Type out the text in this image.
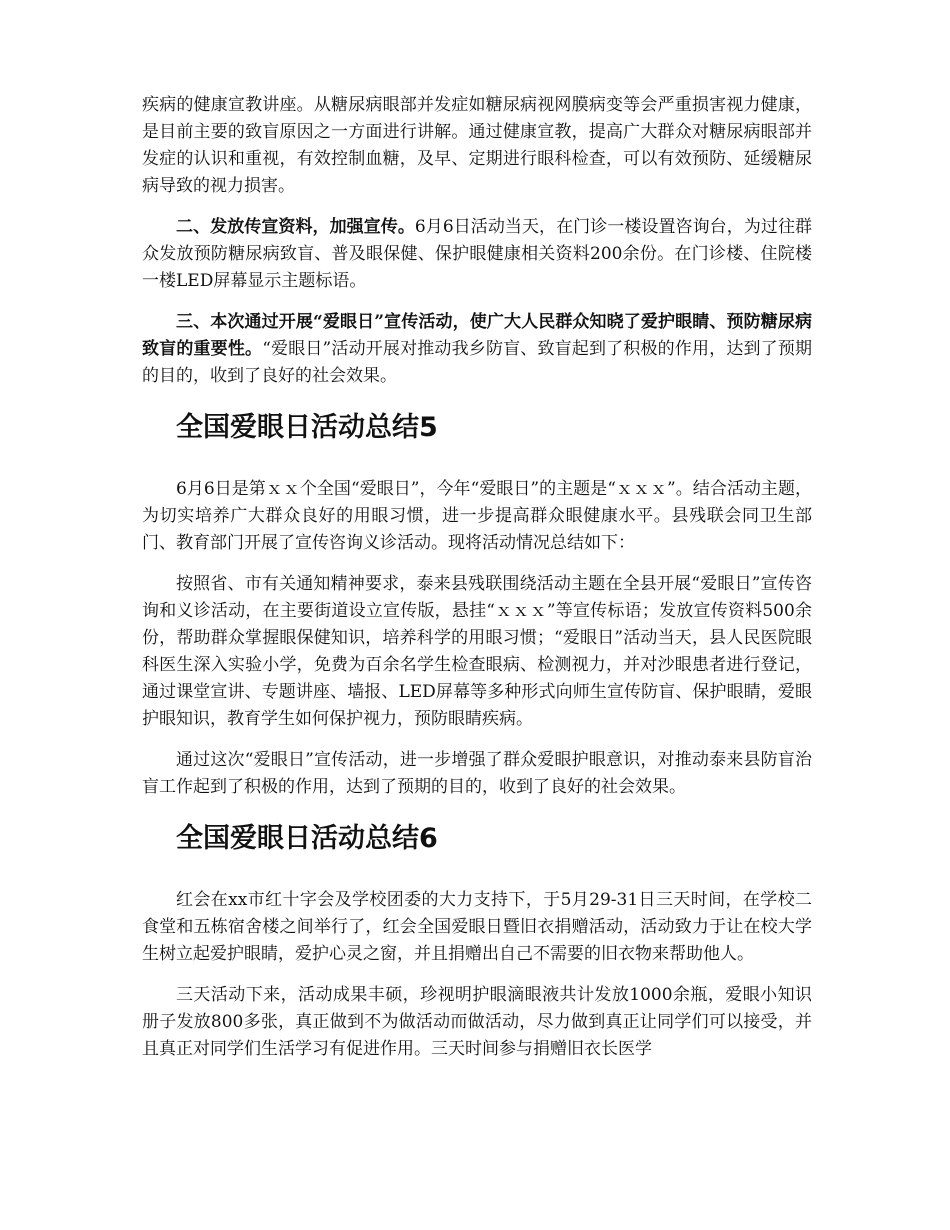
疾病的健康宣教讲座。从糖尿病眼部并发症如糖尿病视网膜病变等会严重损害视力健康，是目前主要的致盲原因之一方面进行讲解。通过健康宣教，提高广大群众对糖尿病眼部并发症的认识和重视，有效控制血糖，及早、定期进行眼科检查，可以有效预防、延缓糖尿病导致的视力损害。

二、发放传宣资料，加强宣传。6月6日活动当天，在门诊一楼设置咨询台，为过往群众发放预防糖尿病致盲、普及眼保健、保护眼健康相关资料200余份。在门诊楼、住院楼一楼LED屏幕显示主题标语。

三、本次通过开展“爱眼日”宣传活动，使广大人民群众知晓了爱护眼睛、预防糖尿病致盲的重要性。“爱眼日”活动开展对推动我乡防盲、致盲起到了积极的作用，达到了预期的目的，收到了良好的社会效果。

全国爱眼日活动总结5

6月6日是第ｘｘ个全国“爱眼日”，今年“爱眼日”的主题是“ｘｘｘ”。结合活动主题，为切实培养广大群众良好的用眼习惯，进一步提高群众眼健康水平。县残联会同卫生部门、教育部门开展了宣传咨询义诊活动。现将活动情况总结如下：

按照省、市有关通知精神要求，泰来县残联围绕活动主题在全县开展“爱眼日”宣传咨询和义诊活动，在主要街道设立宣传版，悬挂“ｘｘｘ”等宣传标语；发放宣传资料500余份，帮助群众掌握眼保健知识，培养科学的用眼习惯；“爱眼日”活动当天，县人民医院眼科医生深入实验小学，免费为百余名学生检查眼病、检测视力，并对沙眼患者进行登记，通过课堂宣讲、专题讲座、墙报、LED屏幕等多种形式向师生宣传防盲、保护眼睛，爱眼护眼知识，教育学生如何保护视力，预防眼睛疾病。

通过这次“爱眼日”宣传活动，进一步增强了群众爱眼护眼意识，对推动泰来县防盲治盲工作起到了积极的作用，达到了预期的目的，收到了良好的社会效果。

全国爱眼日活动总结6

红会在xx市红十字会及学校团委的大力支持下，于5月29-31日三天时间，在学校二食堂和五栋宿舍楼之间举行了，红会全国爱眼日暨旧衣捐赠活动，活动致力于让在校大学生树立起爱护眼睛，爱护心灵之窗，并且捐赠出自己不需要的旧衣物来帮助他人。

三天活动下来，活动成果丰硕，珍视明护眼滴眼液共计发放1000余瓶，爱眼小知识册子发放800多张，真正做到不为做活动而做活动，尽力做到真正让同学们可以接受，并且真正对同学们生活学习有促进作用。三天时间参与捐赠旧衣长医学
